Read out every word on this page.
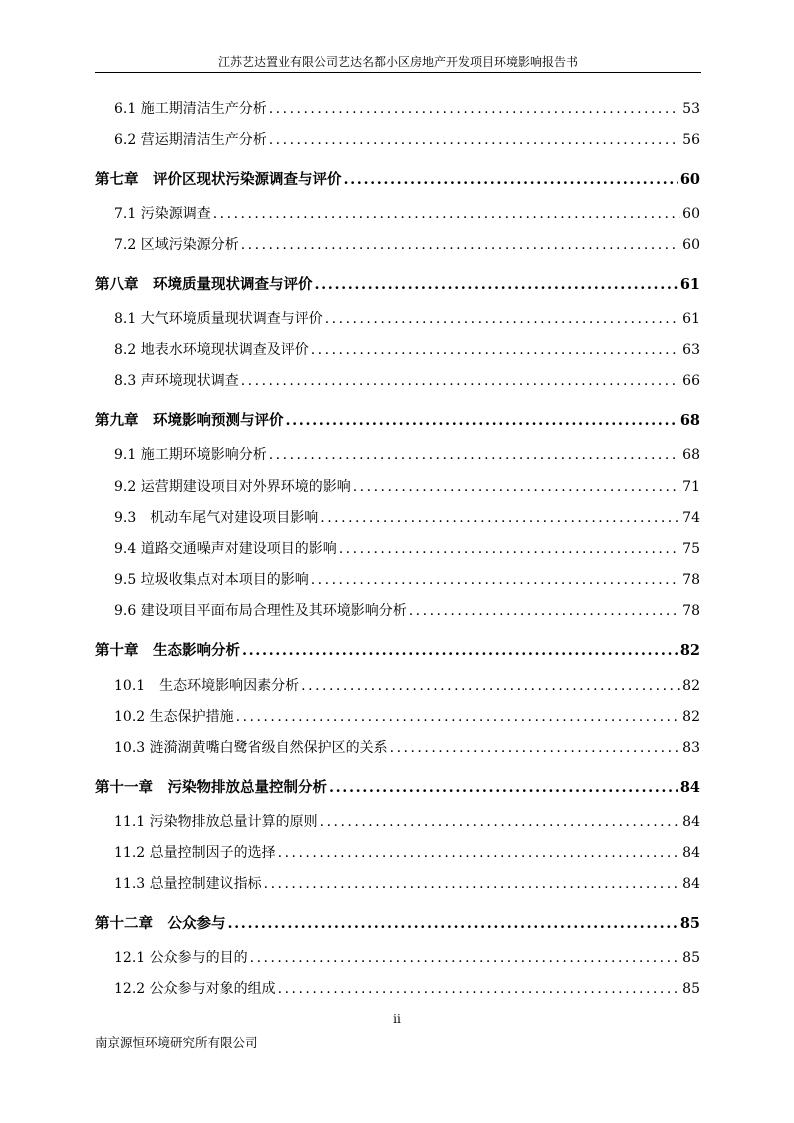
江苏艺达置业有限公司艺达名都小区房地产开发项目环境影响报告书
6.1 施工期清洁生产分析 .....	53
6.2 营运期清洁生产分析 .....	56
第七章　评价区现状污染源调查与评价 .....	60
7.1 污染源调查 .....	60
7.2 区域污染源分析 .....	60
第八章　环境质量现状调查与评价 .....	61
8.1 大气环境质量现状调查与评价 .....	61
8.2 地表水环境现状调查及评价 .....	63
8.3 声环境现状调查 .....	66
第九章　环境影响预测与评价 .....	68
9.1 施工期环境影响分析 .....	68
9.2 运营期建设项目对外界环境的影响 .....	71
9.3　机动车尾气对建设项目影响 .....	74
9.4 道路交通噪声对建设项目的影响 .....	75
9.5 垃圾收集点对本项目的影响 .....	78
9.6 建设项目平面布局合理性及其环境影响分析 .....	78
第十章　生态影响分析 .....	82
10.1　生态环境影响因素分析 .....	82
10.2 生态保护措施 .....	82
10.3 涟漪湖黄嘴白鹭省级自然保护区的关系 .....	83
第十一章　污染物排放总量控制分析 .....	84
11.1 污染物排放总量计算的原则 .....	84
11.2 总量控制因子的选择 .....	84
11.3 总量控制建议指标 .....	84
第十二章　公众参与 .....	85
12.1 公众参与的目的 .....	85
12.2 公众参与对象的组成 .....	85
ii
南京源恒环境研究所有限公司
